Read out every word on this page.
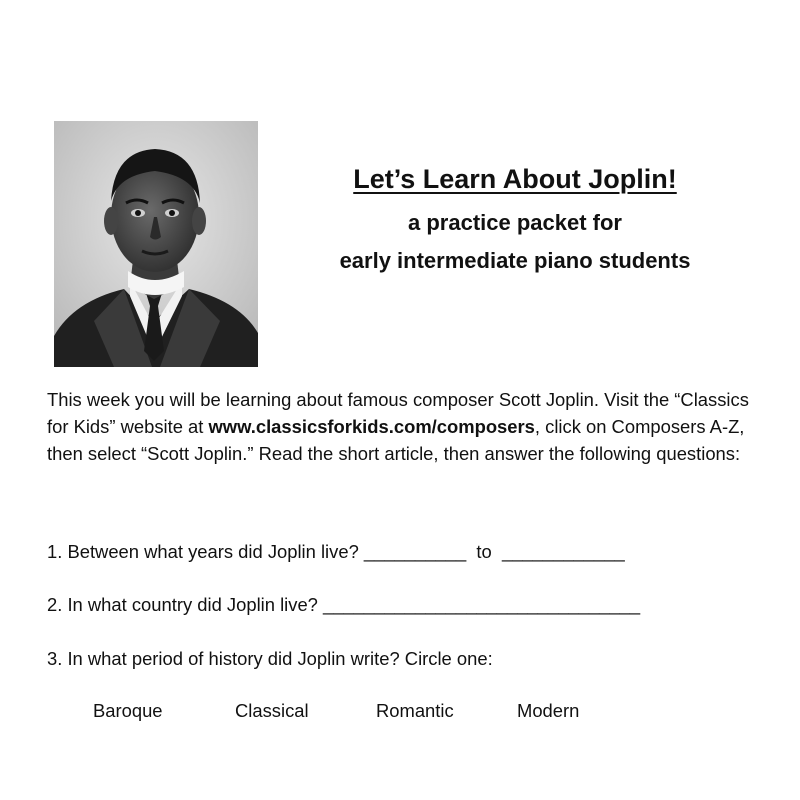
Let’s Learn About Joplin!
a practice packet for
early intermediate piano students

This week you will be learning about famous composer Scott Joplin. Visit the “Classics for Kids” website at www.classicsforkids.com/composers, click on Composers A-Z, then select “Scott Joplin.” Read the short article, then answer the following questions:

1. Between what years did Joplin live? __________  to  ____________

2. In what country did Joplin live? _______________________________

3. In what period of history did Joplin write? Circle one:

Baroque	Classical	Romantic	Modern
